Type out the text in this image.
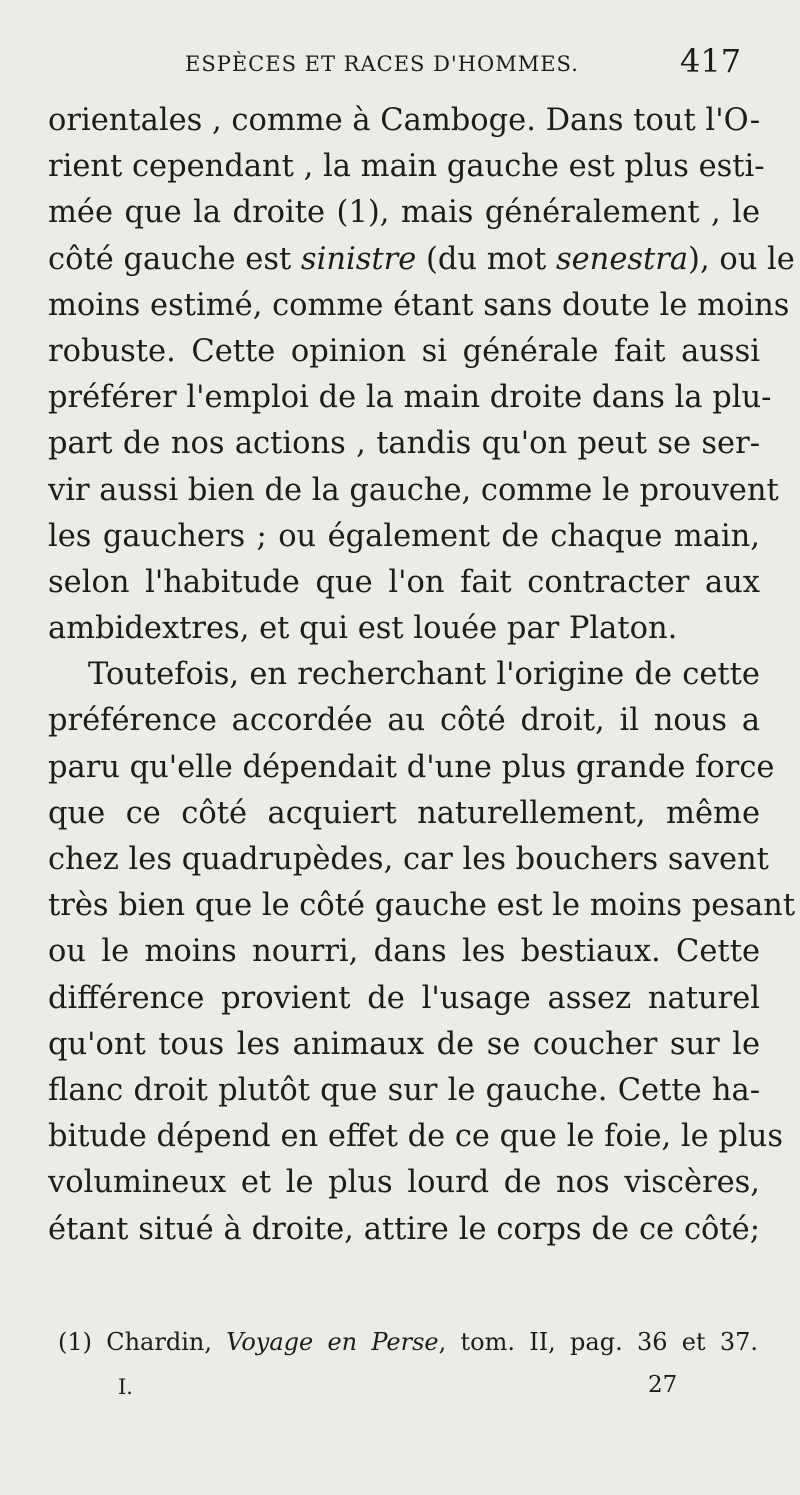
ESPÈCES ET RACES D'HOMMES.	417
orientales , comme à Camboge. Dans tout l'O-
rient cependant , la main gauche est plus esti-
mée que la droite (1), mais généralement , le
côté gauche est sinistre (du mot senestra), ou le
moins estimé, comme étant sans doute le moins
robuste. Cette opinion si générale fait aussi
préférer l'emploi de la main droite dans la plu-
part de nos actions , tandis qu'on peut se ser-
vir aussi bien de la gauche, comme le prouvent
les gauchers ; ou également de chaque main,
selon l'habitude que l'on fait contracter aux
ambidextres, et qui est louée par Platon.
Toutefois, en recherchant l'origine de cette
préférence accordée au côté droit, il nous a
paru qu'elle dépendait d'une plus grande force
que ce côté acquiert naturellement, même
chez les quadrupèdes, car les bouchers savent
très bien que le côté gauche est le moins pesant
ou le moins nourri, dans les bestiaux. Cette
différence provient de l'usage assez naturel
qu'ont tous les animaux de se coucher sur le
flanc droit plutôt que sur le gauche. Cette ha-
bitude dépend en effet de ce que le foie, le plus
volumineux et le plus lourd de nos viscères,
étant situé à droite, attire le corps de ce côté;
(1) Chardin, Voyage en Perse, tom. II, pag. 36 et 37.
I.	27
